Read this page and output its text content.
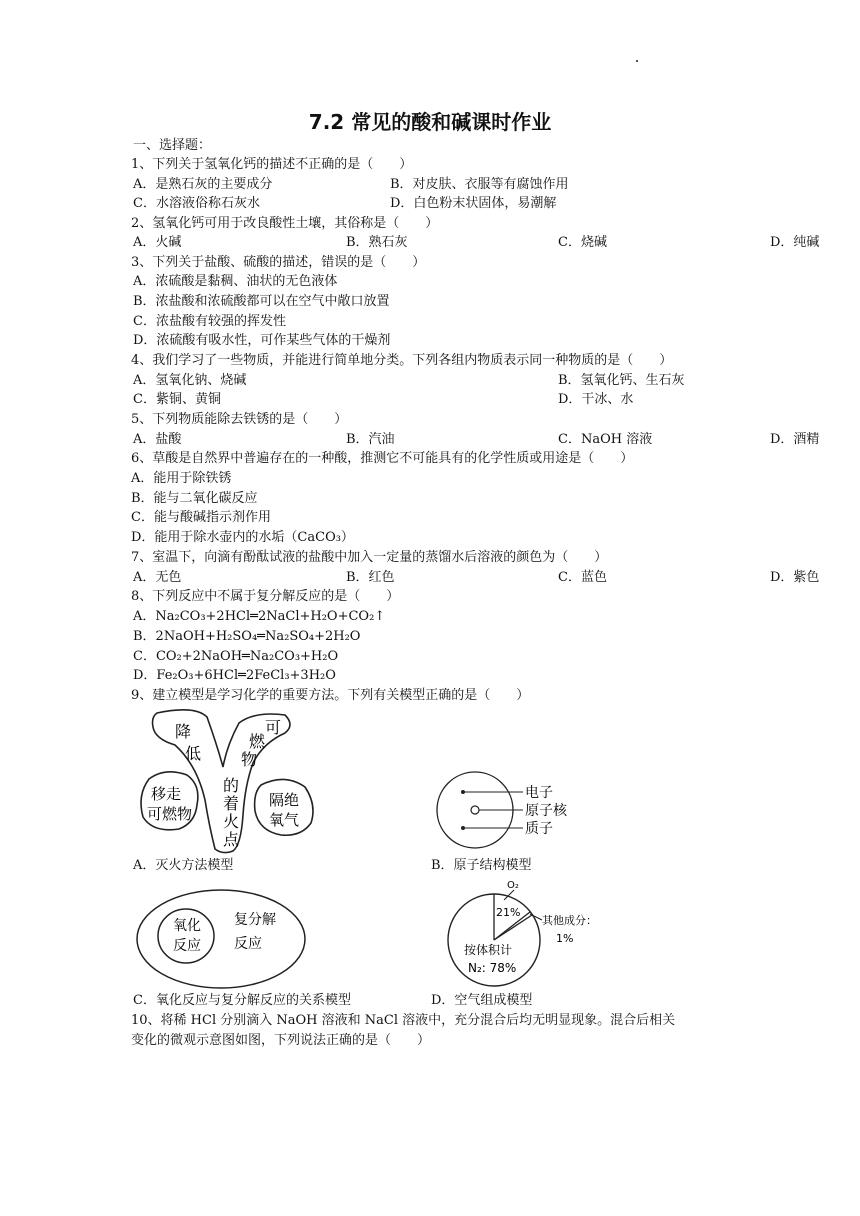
7.2 常见的酸和碱课时作业
一、选择题：
1、下列关于氢氧化钙的描述不正确的是（　　）
A．是熟石灰的主要成分	B．对皮肤、衣服等有腐蚀作用
C．水溶液俗称石灰水	D．白色粉末状固体，易潮解
2、氢氧化钙可用于改良酸性土壤，其俗称是（　　）
A．火碱	B．熟石灰	C．烧碱	D．纯碱
3、下列关于盐酸、硫酸的描述，错误的是（　　）
A．浓硫酸是黏稠、油状的无色液体
B．浓盐酸和浓硫酸都可以在空气中敞口放置
C．浓盐酸有较强的挥发性
D．浓硫酸有吸水性，可作某些气体的干燥剂
4、我们学习了一些物质，并能进行简单地分类。下列各组内物质表示同一种物质的是（　　）
A．氢氧化钠、烧碱	B．氢氧化钙、生石灰
C．紫铜、黄铜	D．干冰、水
5、下列物质能除去铁锈的是（　　）
A．盐酸	B．汽油	C．NaOH 溶液	D．酒精
6、草酸是自然界中普遍存在的一种酸，推测它不可能具有的化学性质或用途是（　　）
A．能用于除铁锈
B．能与二氧化碳反应
C．能与酸碱指示剂作用
D．能用于除水壶内的水垢（CaCO₃）
7、室温下，向滴有酚酞试液的盐酸中加入一定量的蒸馏水后溶液的颜色为（　　）
A．无色	B．红色	C．蓝色	D．紫色
8、下列反应中不属于复分解反应的是（　　）
A．Na₂CO₃+2HCl═2NaCl+H₂O+CO₂↑
B．2NaOH+H₂SO₄═Na₂SO₄+2H₂O
C．CO₂+2NaOH═Na₂CO₃+H₂O
D．Fe₂O₃+6HCl═2FeCl₃+3H₂O
9、建立模型是学习化学的重要方法。下列有关模型正确的是（　　）
降
低
可
燃
物
的
着
火
点
移走
可燃物
隔绝
氧气
电子
原子核
质子
A．灭火方法模型	B．原子结构模型
氧化
反应
复分解
反应
O₂
21%
其他成分：
1%
按体积计
N₂: 78%
C．氧化反应与复分解反应的关系模型	D．空气组成模型
10、将稀 HCl 分别滴入 NaOH 溶液和 NaCl 溶液中，充分混合后均无明显现象。混合后相关
变化的微观示意图如图，下列说法正确的是（　　）
